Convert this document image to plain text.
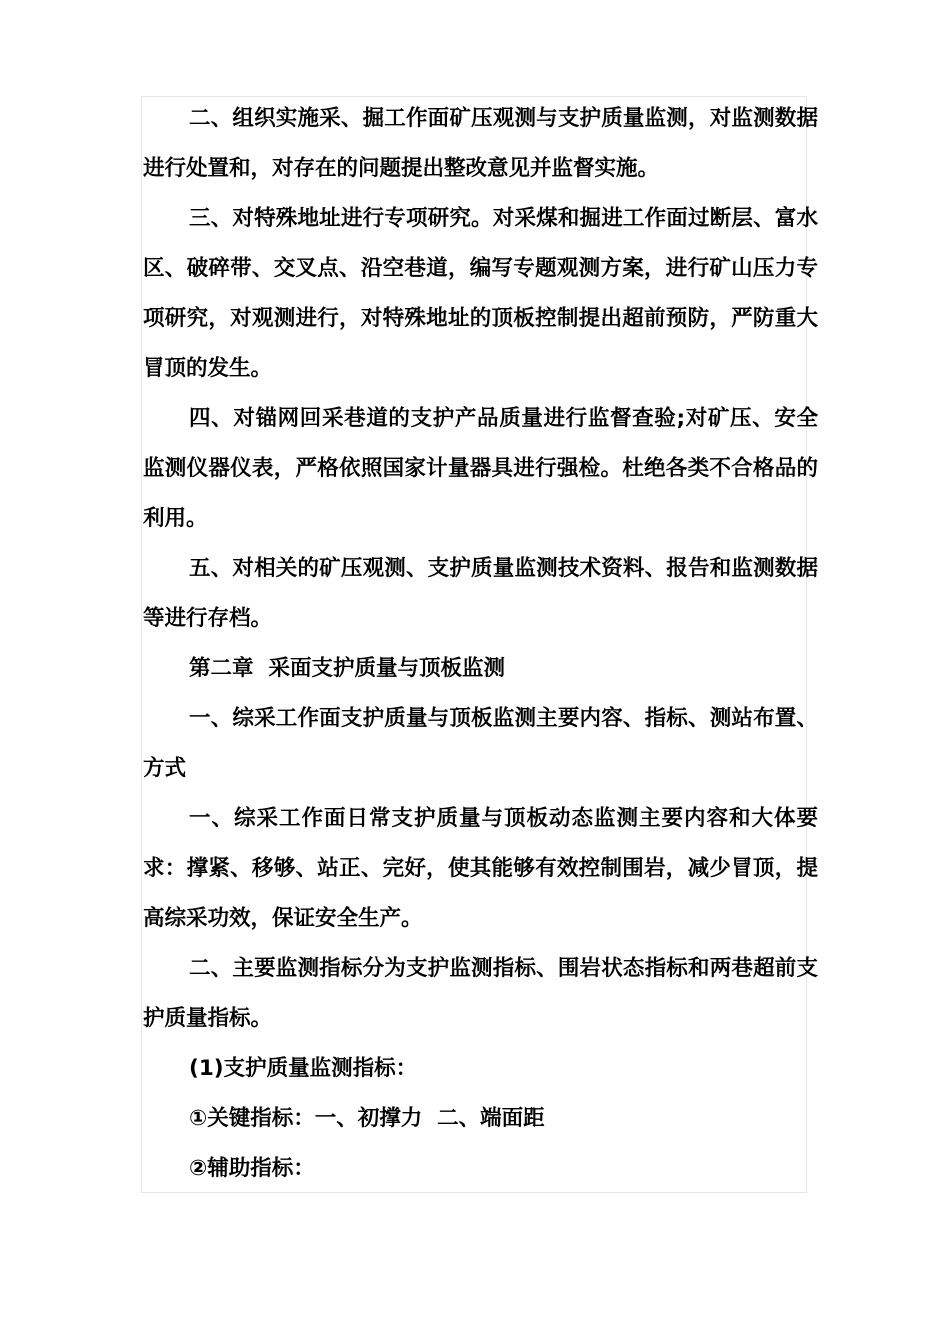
二、组织实施采、掘工作面矿压观测与支护质量监测，对监测数据进行处置和，对存在的问题提出整改意见并监督实施。

三、对特殊地址进行专项研究。对采煤和掘进工作面过断层、富水区、破碎带、交叉点、沿空巷道，编写专题观测方案，进行矿山压力专项研究，对观测进行，对特殊地址的顶板控制提出超前预防，严防重大冒顶的发生。

四、对锚网回采巷道的支护产品质量进行监督查验;对矿压、安全监测仪器仪表，严格依照国家计量器具进行强检。杜绝各类不合格品的利用。

五、对相关的矿压观测、支护质量监测技术资料、报告和监测数据等进行存档。

第二章  采面支护质量与顶板监测

一、综采工作面支护质量与顶板监测主要内容、指标、测站布置、方式

一、综采工作面日常支护质量与顶板动态监测主要内容和大体要求：撑紧、移够、站正、完好，使其能够有效控制围岩，减少冒顶，提高综采功效，保证安全生产。

二、主要监测指标分为支护监测指标、围岩状态指标和两巷超前支护质量指标。

(1)支护质量监测指标：

①关键指标：一、初撑力  二、端面距

②辅助指标：
